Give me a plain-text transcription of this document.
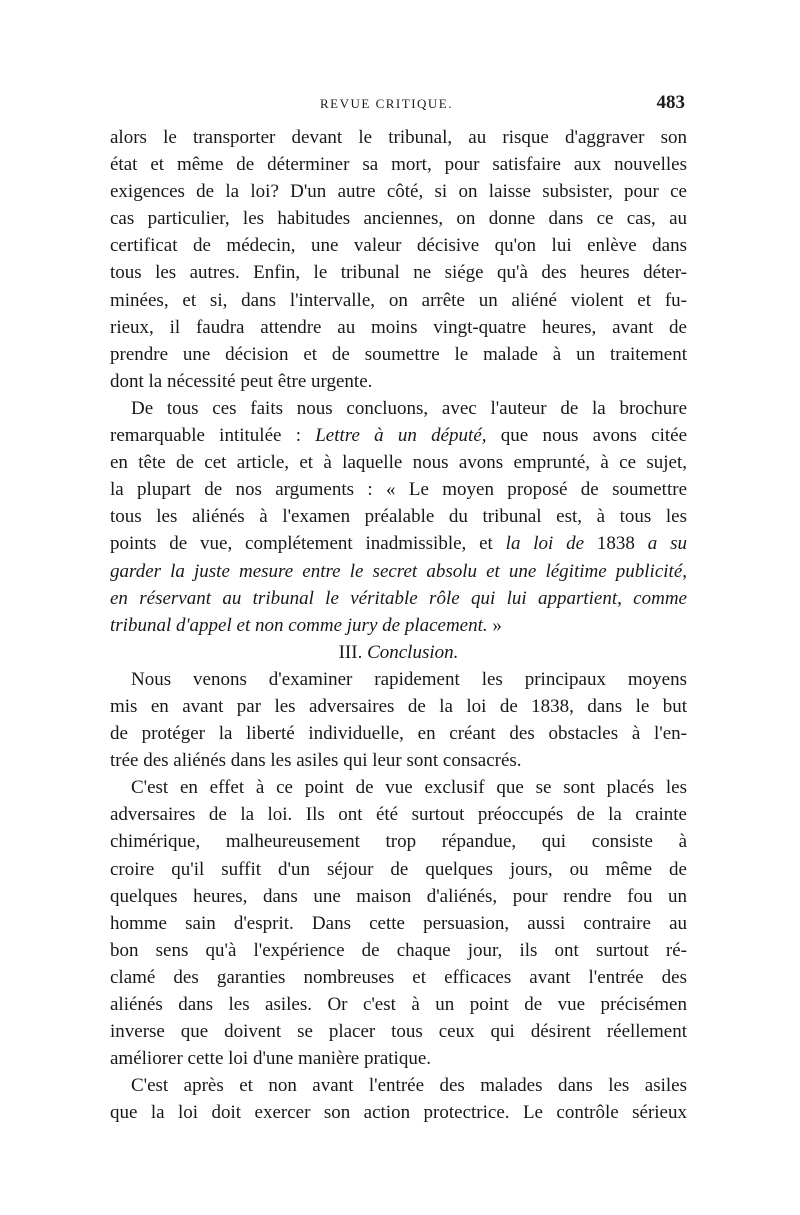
REVUE CRITIQUE.	483
alors le transporter devant le tribunal, au risque d'aggraver son
état et même de déterminer sa mort, pour satisfaire aux nouvelles
exigences de la loi? D'un autre côté, si on laisse subsister, pour ce
cas particulier, les habitudes anciennes, on donne dans ce cas, au
certificat de médecin, une valeur décisive qu'on lui enlève dans
tous les autres. Enfin, le tribunal ne siége qu'à des heures déter-
minées, et si, dans l'intervalle, on arrête un aliéné violent et fu-
rieux, il faudra attendre au moins vingt-quatre heures, avant de
prendre une décision et de soumettre le malade à un traitement
dont la nécessité peut être urgente.
De tous ces faits nous concluons, avec l'auteur de la brochure
remarquable intitulée : Lettre à un député, que nous avons citée
en tête de cet article, et à laquelle nous avons emprunté, à ce sujet,
la plupart de nos arguments : « Le moyen proposé de soumettre
tous les aliénés à l'examen préalable du tribunal est, à tous les
points de vue, complétement inadmissible, et la loi de 1838 a su
garder la juste mesure entre le secret absolu et une légitime publicité,
en réservant au tribunal le véritable rôle qui lui appartient, comme
tribunal d'appel et non comme jury de placement. »
III. Conclusion.
Nous venons d'examiner rapidement les principaux moyens
mis en avant par les adversaires de la loi de 1838, dans le but
de protéger la liberté individuelle, en créant des obstacles à l'en-
trée des aliénés dans les asiles qui leur sont consacrés.
C'est en effet à ce point de vue exclusif que se sont placés les
adversaires de la loi. Ils ont été surtout préoccupés de la crainte
chimérique, malheureusement trop répandue, qui consiste à
croire qu'il suffit d'un séjour de quelques jours, ou même de
quelques heures, dans une maison d'aliénés, pour rendre fou un
homme sain d'esprit. Dans cette persuasion, aussi contraire au
bon sens qu'à l'expérience de chaque jour, ils ont surtout ré-
clamé des garanties nombreuses et efficaces avant l'entrée des
aliénés dans les asiles. Or c'est à un point de vue précisémen
inverse que doivent se placer tous ceux qui désirent réellement
améliorer cette loi d'une manière pratique.
C'est après et non avant l'entrée des malades dans les asiles
que la loi doit exercer son action protectrice. Le contrôle sérieux
